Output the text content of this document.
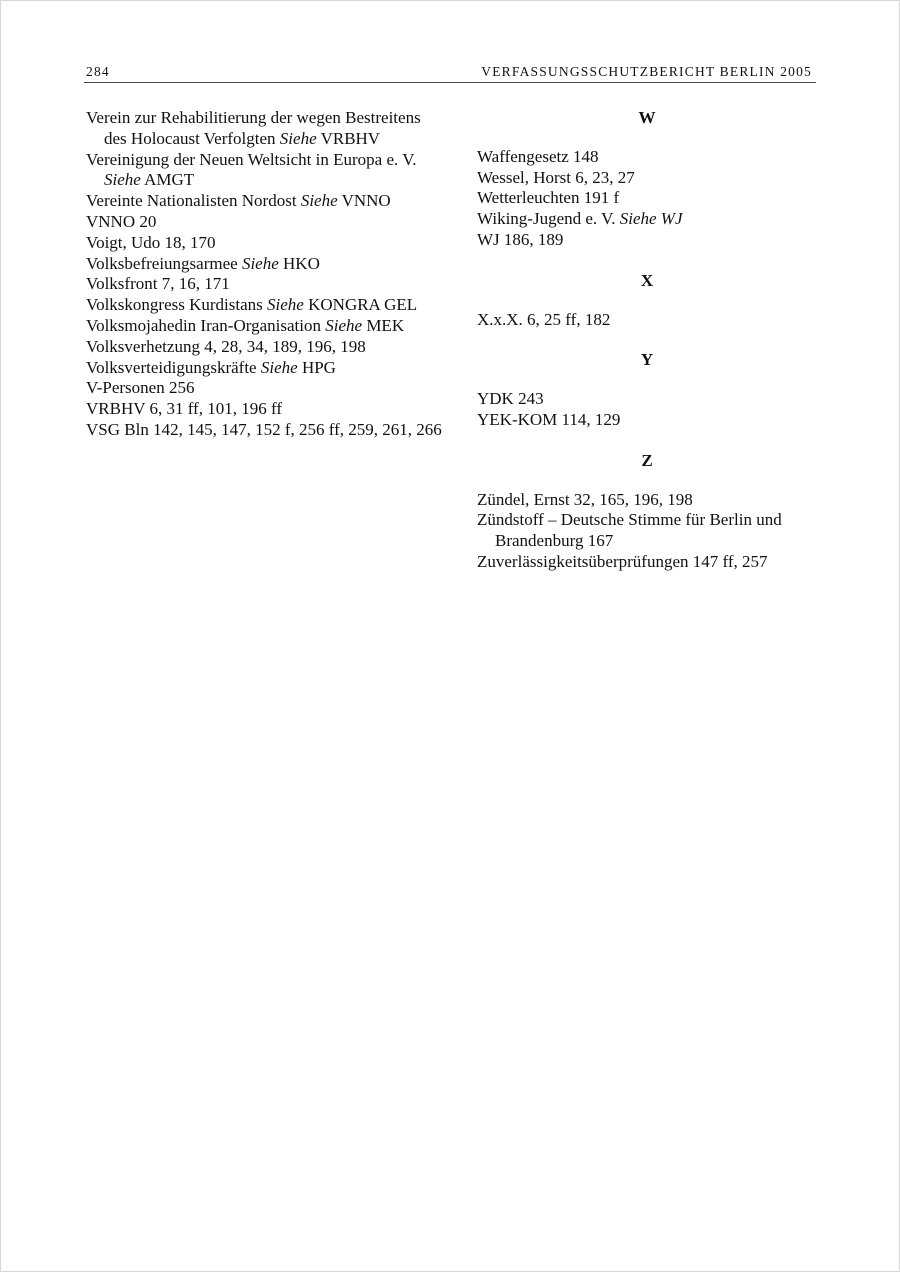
284	VERFASSUNGSSCHUTZBERICHT BERLIN 2005

Verein zur Rehabilitierung der wegen Bestreitens des Holocaust Verfolgten Siehe VRBHV

Vereinigung der Neuen Weltsicht in Europa e. V. Siehe AMGT

Vereinte Nationalisten Nordost Siehe VNNO

VNNO 20

Voigt, Udo 18, 170

Volksbefreiungsarmee Siehe HKO

Volksfront 7, 16, 171

Volkskongress Kurdistans Siehe KONGRA GEL

Volksmojahedin Iran-Organisation Siehe MEK

Volksverhetzung 4, 28, 34, 189, 196, 198

Volksverteidigungskräfte Siehe HPG

V-Personen 256

VRBHV 6, 31 ff, 101, 196 ff

VSG Bln 142, 145, 147, 152 f, 256 ff, 259, 261, 266

W

Waffengesetz 148

Wessel, Horst 6, 23, 27

Wetterleuchten 191 f

Wiking-Jugend e. V. Siehe WJ

WJ 186, 189

X

X.x.X. 6, 25 ff, 182

Y

YDK 243

YEK-KOM 114, 129

Z

Zündel, Ernst 32, 165, 196, 198

Zündstoff – Deutsche Stimme für Berlin und Brandenburg 167

Zuverlässigkeitsüberprüfungen 147 ff, 257
